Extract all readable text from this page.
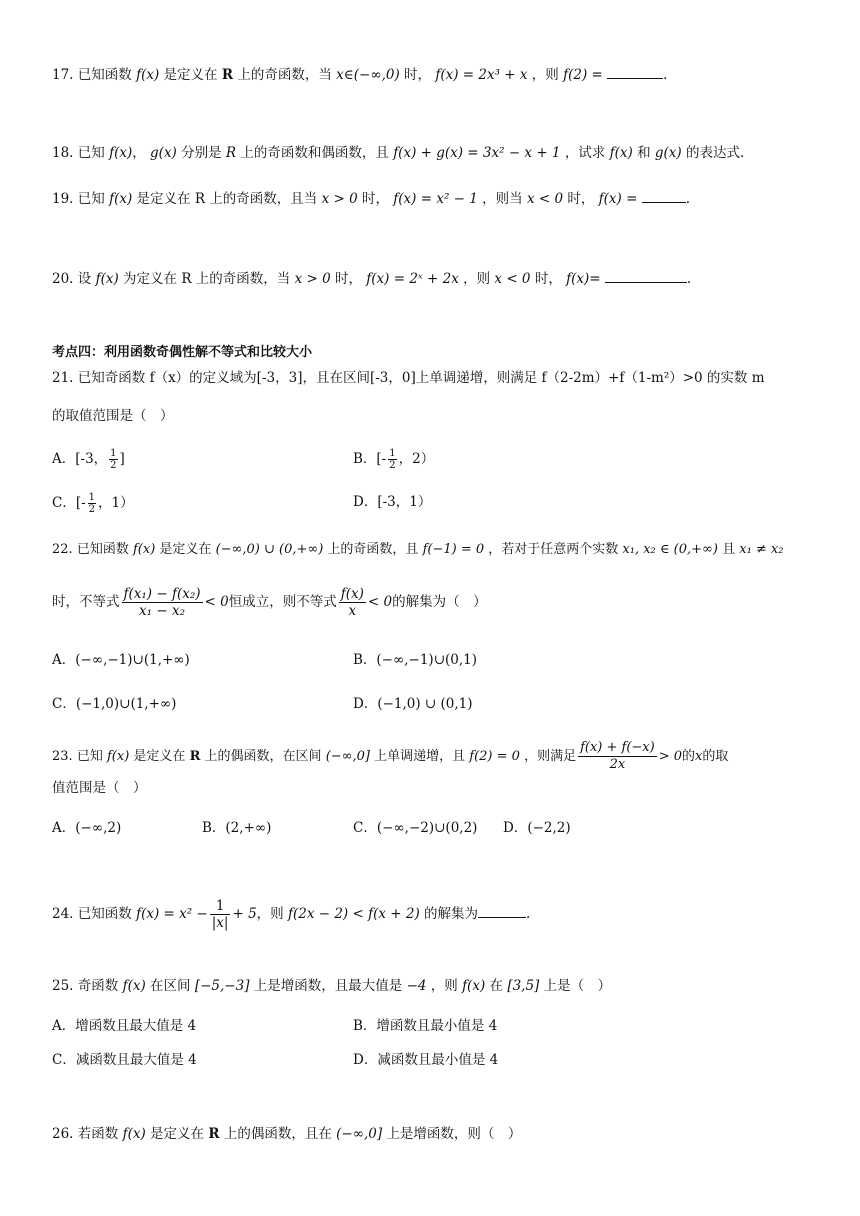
17. 已知函数 f(x) 是定义在 R 上的奇函数，当 x∈(−∞,0) 时， f(x) = 2x³ + x ，则 f(2) =	.
18. 已知 f(x)， g(x) 分别是 R 上的奇函数和偶函数，且 f(x) + g(x) = 3x² − x + 1 ，试求 f(x) 和 g(x) 的表达式.
19. 已知 f(x) 是定义在 R 上的奇函数，且当 x > 0 时， f(x) = x² − 1 ，则当 x < 0 时， f(x) =	.
20. 设 f(x) 为定义在 R 上的奇函数，当 x > 0 时， f(x) = 2ˣ + 2x ，则 x < 0 时， f(x)=	.
考点四：利用函数奇偶性解不等式和比较大小
21. 已知奇函数 f（x）的定义域为[-3，3]，且在区间[-3，0]上单调递增，则满足 f（2-2m）+f（1-m²）>0 的实数 m
的取值范围是（　）
A．[-3， $\frac{1}{2}$ ]	B．[- $\frac{1}{2}$ ，2）
C．[- $\frac{1}{2}$ ，1）	D．[-3，1）
22. 已知函数 f(x) 是定义在 (−∞,0) ∪ (0,+∞) 上的奇函数，且 f(−1) = 0 ，若对于任意两个实数 x₁, x₂ ∈ (0,+∞) 且 x₁ ≠ x₂
时，不等式 $\frac{\text{f(x₁) − f(x₂)}}{\text{x₁ − x₂}} < 0$恒成立，则不等式 $\frac{f(x)}{x} < 0$的解集为（　）
A．(−∞,−1)∪(1,+∞)	B．(−∞,−1)∪(0,1)
C．(−1,0)∪(1,+∞)	D．(−1,0) ∪ (0,1)
23. 已知 f(x) 是定义在 R 上的偶函数，在区间 (−∞,0] 上单调递增，且 f(2) = 0 ，则满足 $\frac{f(x) + f(-x)}{2x} > 0$的x的取
值范围是（　）
A．(−∞,2)	B．(2,+∞)	C．(−∞,−2)∪(0,2) D．(−2,2)
24. 已知函数 $f(x) = x^2 - \frac{1}{|x|} + 5$，则 f(2x − 2) < f(x + 2) 的解集为	.
25. 奇函数 f(x) 在区间 [−5,−3] 上是增函数，且最大值是 −4 ，则 f(x) 在 [3,5] 上是（　）
A．增函数且最大值是 4	B．增函数且最小值是 4
C．减函数且最大值是 4	D．减函数且最小值是 4
26. 若函数 f(x) 是定义在 R 上的偶函数，且在 (−∞,0] 上是增函数，则（　）
